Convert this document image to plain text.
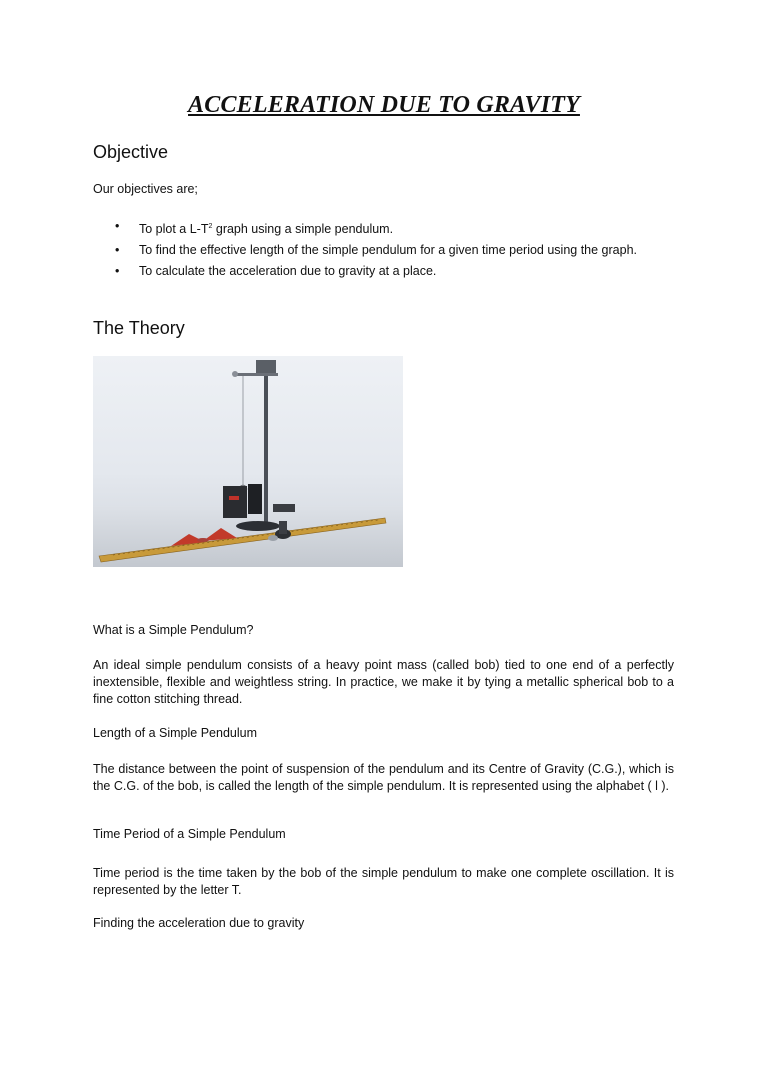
ACCELERATION DUE TO GRAVITY
Objective

Our objectives are;

• To plot a $L-T^2$ graph using a simple pendulum.
• To find the effective length of the simple pendulum for a given time period using the graph.
• To calculate the acceleration due to gravity at a place.
The Theory

What is a Simple Pendulum?

An ideal simple pendulum consists of a heavy point mass (called bob) tied to one end of a perfectly inextensible, flexible and weightless string. In practice, we make it by tying a metallic spherical bob to a fine cotton stitching thread.

Length of a Simple Pendulum

The distance between the point of suspension of the pendulum and its Centre of Gravity (C.G.), which is the C.G. of the bob, is called the length of the simple pendulum. It is represented using the alphabet ( l ).

Time Period of a Simple Pendulum

Time period is the time taken by the bob of the simple pendulum to make one complete oscillation. It is represented by the letter T.

Finding the acceleration due to gravity
